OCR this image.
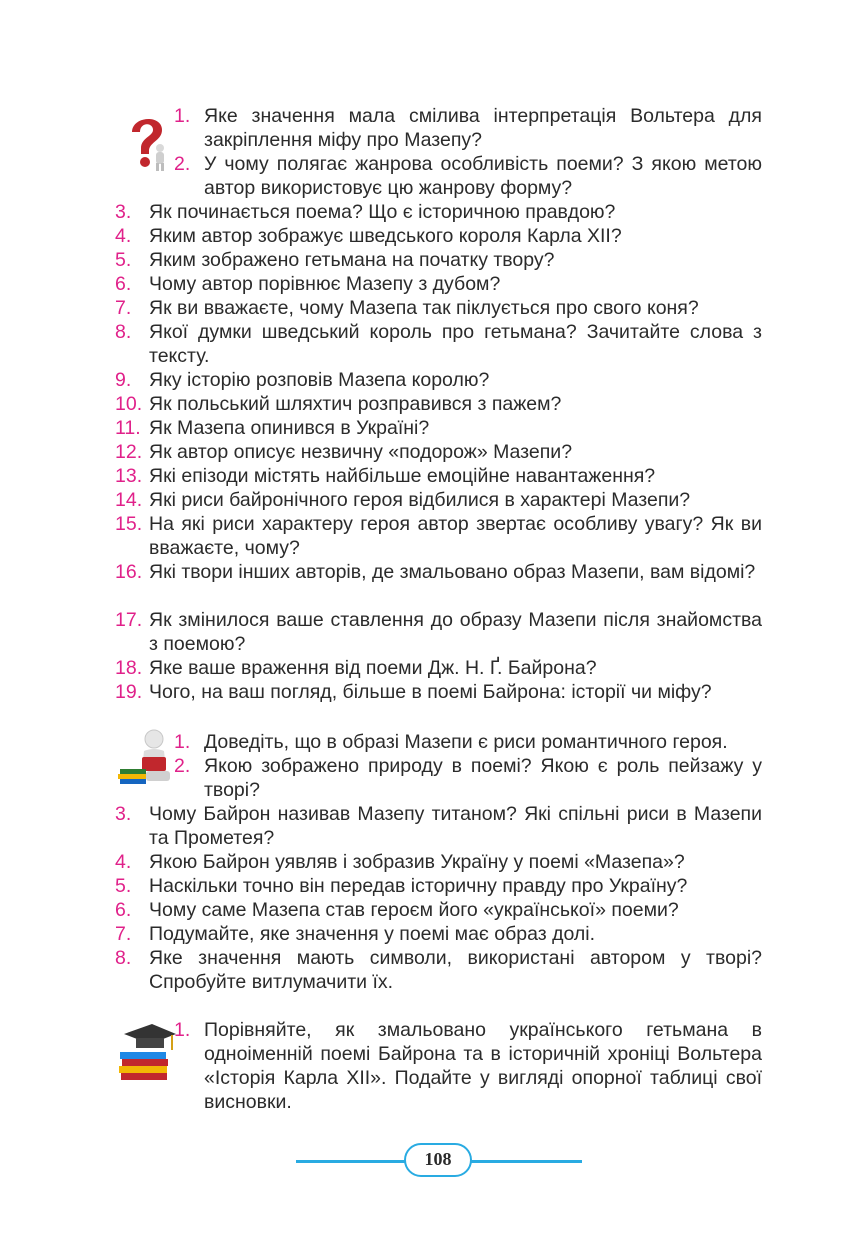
1. Яке значення мала смілива інтерпретація Вольтера для закріплення міфу про Мазепу?
2. У чому полягає жанрова особливість поеми? З якою метою автор використовує цю жанрову форму?
3. Як починається поема? Що є історичною правдою?
4. Яким автор зображує шведського короля Карла ХІІ?
5. Яким зображено гетьмана на початку твору?
6. Чому автор порівнює Мазепу з дубом?
7. Як ви вважаєте, чому Мазепа так піклується про свого коня?
8. Якої думки шведський король про гетьмана? Зачитайте слова з тексту.
9. Яку історію розповів Мазепа королю?
10. Як польський шляхтич розправився з пажем?
11. Як Мазепа опинився в Україні?
12. Як автор описує незвичну «подорож» Мазепи?
13. Які епізоди містять найбільше емоційне навантаження?
14. Які риси байронічного героя відбилися в характері Мазепи?
15. На які риси характеру героя автор звертає особливу увагу? Як ви вважаєте, чому?
16. Які твори інших авторів, де змальовано образ Мазепи, вам відомі?
17. Як змінилося ваше ставлення до образу Мазепи після знайомства з поемою?
18. Яке ваше враження від поеми Дж. Н. Ґ. Байрона?
19. Чого, на ваш погляд, більше в поемі Байрона: історії чи міфу?
1. Доведіть, що в образі Мазепи є риси романтичного героя.
2. Якою зображено природу в поемі? Якою є роль пейзажу у творі?
3. Чому Байрон називав Мазепу титаном? Які спільні риси в Мазепи та Прометея?
4. Якою Байрон уявляв і зобразив Україну у поемі «Мазепа»?
5. Наскільки точно він передав історичну правду про Україну?
6. Чому саме Мазепа став героєм його «української» поеми?
7. Подумайте, яке значення у поемі має образ долі.
8. Яке значення мають символи, використані автором у творі? Спробуйте витлумачити їх.
1. Порівняйте, як змальовано українського гетьмана в одноіменній поемі Байрона та в історичній хроніці Вольтера «Історія Карла ХІІ». Подайте у вигляді опорної таблиці свої висновки.
108
